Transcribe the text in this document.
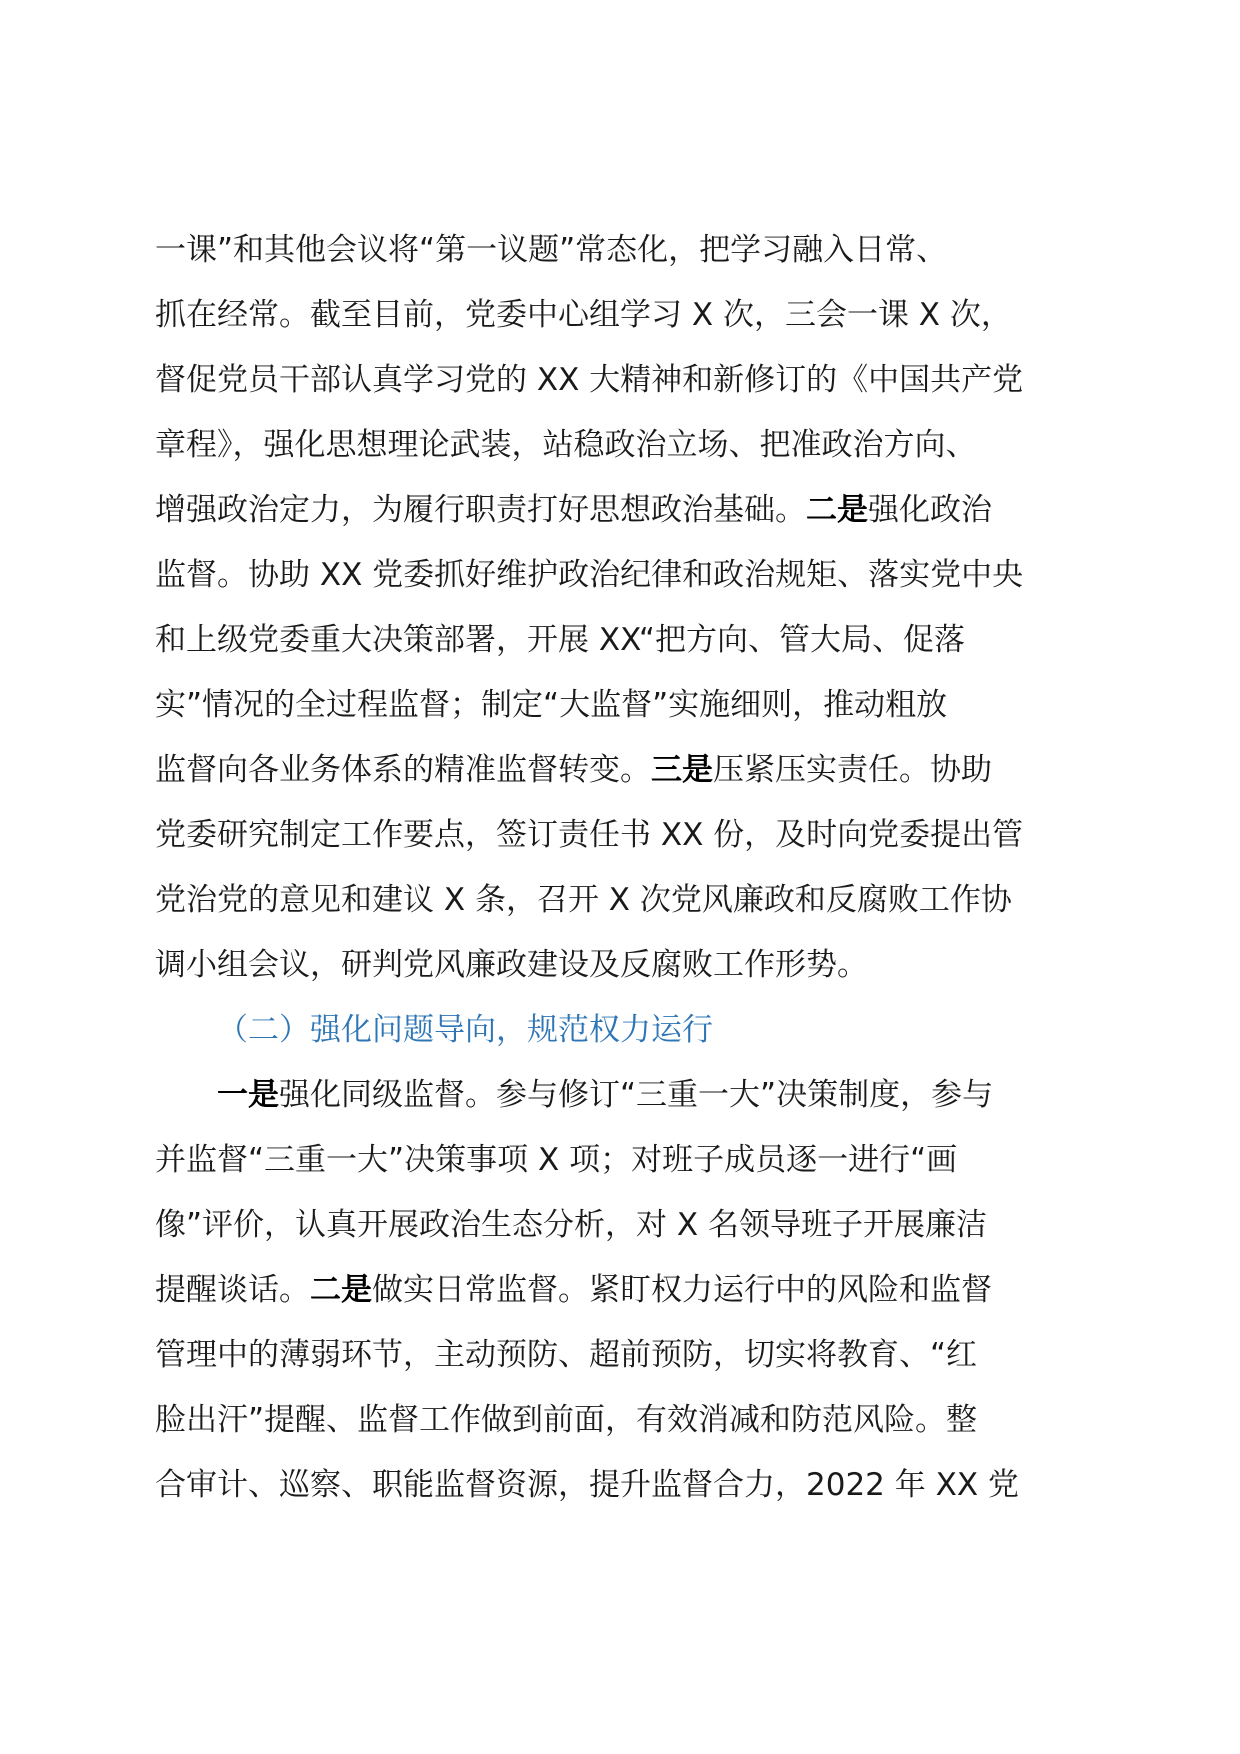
一课”和其他会议将“第一议题”常态化，把学习融入日常、
抓在经常。截至目前，党委中心组学习 X 次，三会一课 X 次，
督促党员干部认真学习党的 XX 大精神和新修订的《中国共产党
章程》，强化思想理论武装，站稳政治立场、把准政治方向、
增强政治定力，为履行职责打好思想政治基础。二是强化政治
监督。协助 XX 党委抓好维护政治纪律和政治规矩、落实党中央
和上级党委重大决策部署，开展 XX“把方向、管大局、促落
实”情况的全过程监督；制定“大监督”实施细则，推动粗放
监督向各业务体系的精准监督转变。三是压紧压实责任。协助
党委研究制定工作要点，签订责任书 XX 份，及时向党委提出管
党治党的意见和建议 X 条，召开 X 次党风廉政和反腐败工作协
调小组会议，研判党风廉政建设及反腐败工作形势。
（二）强化问题导向，规范权力运行
一是强化同级监督。参与修订“三重一大”决策制度，参与
并监督“三重一大”决策事项 X 项；对班子成员逐一进行“画
像”评价，认真开展政治生态分析，对 X 名领导班子开展廉洁
提醒谈话。二是做实日常监督。紧盯权力运行中的风险和监督
管理中的薄弱环节，主动预防、超前预防，切实将教育、“红
脸出汗”提醒、监督工作做到前面，有效消减和防范风险。整
合审计、巡察、职能监督资源，提升监督合力，2022 年 XX 党
